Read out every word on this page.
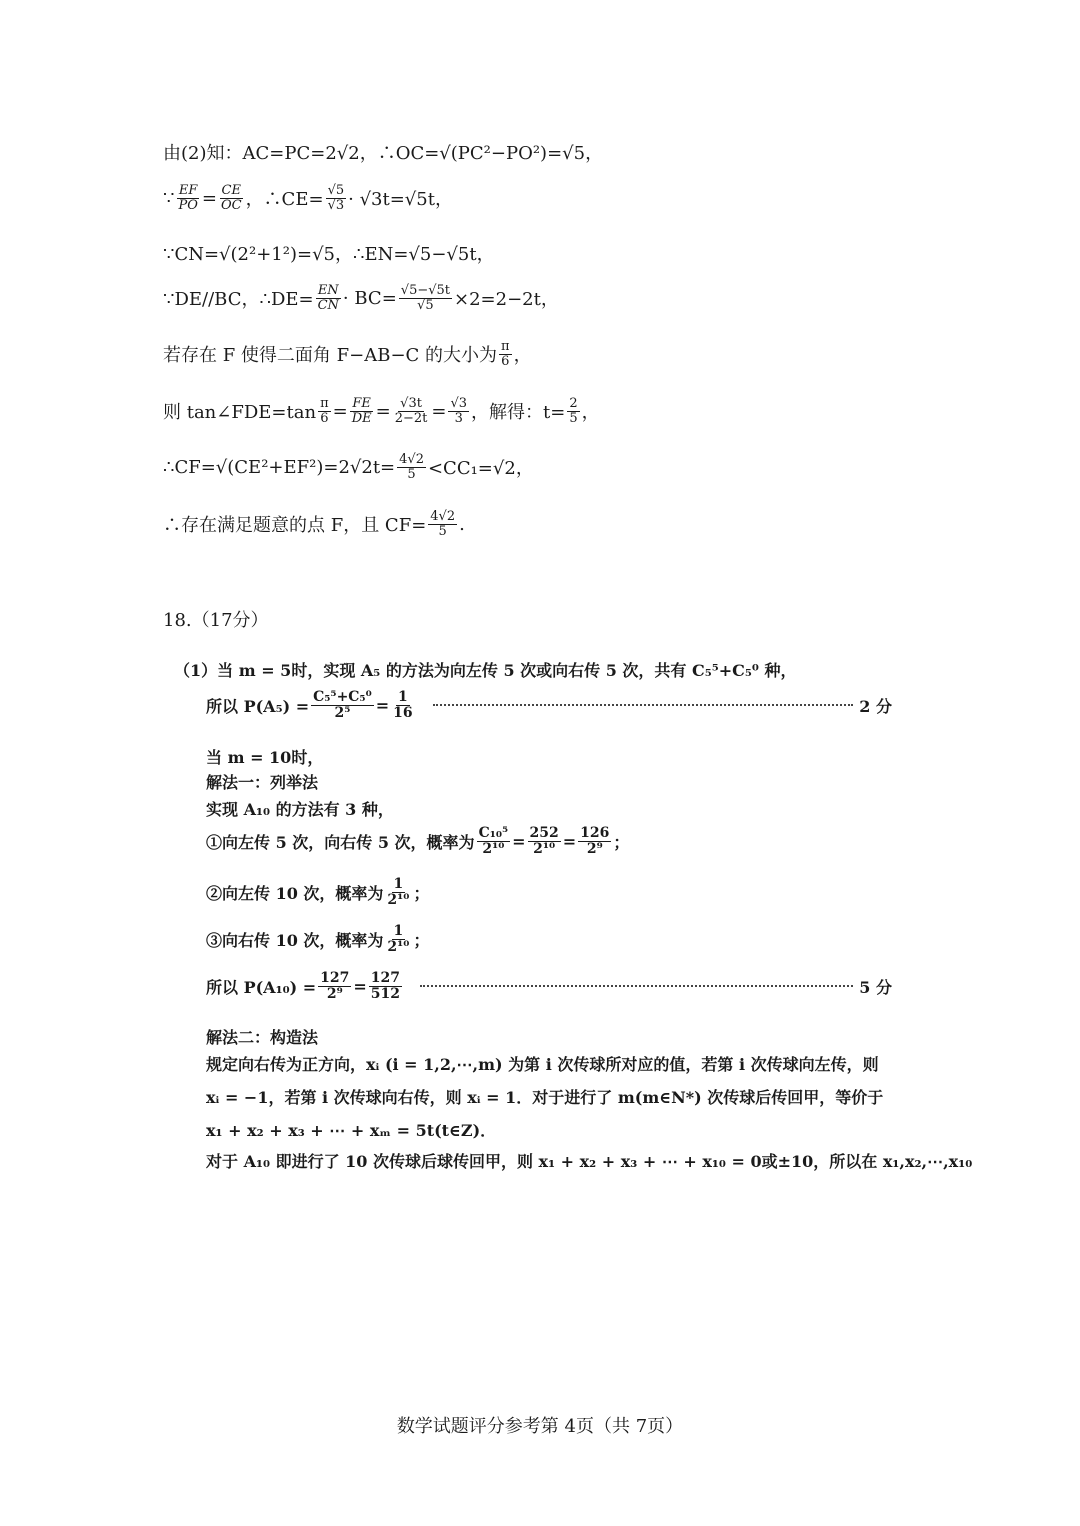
由(2)知：AC=PC=2√2，∴OC=√(PC²−PO²)=√5，
∵ $\frac{EF}{PO} = \frac{CE}{OC}$ ，∴CE= $\frac{√5}{√3} \cdot √3t=√5t$，
∵CN=√(2²+1²)=√5，∴EN=√5−√5t，
∵DE//BC，∴DE= $\frac{EN}{CN} \cdot BC= \frac{√5-√5t}{√5} \times 2=2-2t$，
若存在 F 使得二面角 F−AB−C 的大小为 $\frac{\pi}{6}$ ，
则 tan∠FDE=tan $\frac{\pi}{6} = \frac{FE}{DE} = \frac{√3t}{2-2t} = \frac{√3}{3}$ ，解得：$t= \frac{2}{5}$ ，
∴CF=√(CE²+EF²)=2√2t= $\frac{4√2}{5} <CC_1=√2$，
∴存在满足题意的点 F，且 $CF= \frac{4√2}{5}$ .
18.（17分）
（1）当 m = 5时，实现 A₅ 的方法为向左传 5 次或向右传 5 次，共有 C₅⁵+C₅⁰ 种，
所以 $P(A_5) = \frac{\text{C₅⁵+C₅⁰}}{\text{2⁵}} = \frac{1}{16}$	2 分
当 m = 10时，
解法一：列举法
实现 A₁₀ 的方法有 3 种，
①向左传 5 次，向右传 5 次，概率为 $\frac{\text{C₁₀⁵}}{\text{2¹⁰}} = \frac{252}{\text{2¹⁰}} = \frac{126}{\text{2⁹}}$ ；
②向左传 10 次，概率为 $\frac{1}{\text{2¹⁰}}$ ；
③向右传 10 次，概率为 $\frac{1}{\text{2¹⁰}}$ ；
所以 $P(A_{10}) = \frac{127}{\text{2⁹}} = \frac{127}{512}$	5 分
解法二：构造法
规定向右传为正方向，xᵢ (i = 1,2,⋯,m) 为第 i 次传球所对应的值，若第 i 次传球向左传，则
xᵢ = −1，若第 i 次传球向右传，则 xᵢ = 1．对于进行了 m(m∈N*) 次传球后传回甲，等价于
x₁ + x₂ + x₃ + ⋯ + xₘ = 5t(t∈Z)．
对于 A₁₀ 即进行了 10 次传球后球传回甲，则 x₁ + x₂ + x₃ + ⋯ + x₁₀ = 0或±10，所以在 x₁,x₂,⋯,x₁₀
数学试题评分参考第 4页（共 7页）
